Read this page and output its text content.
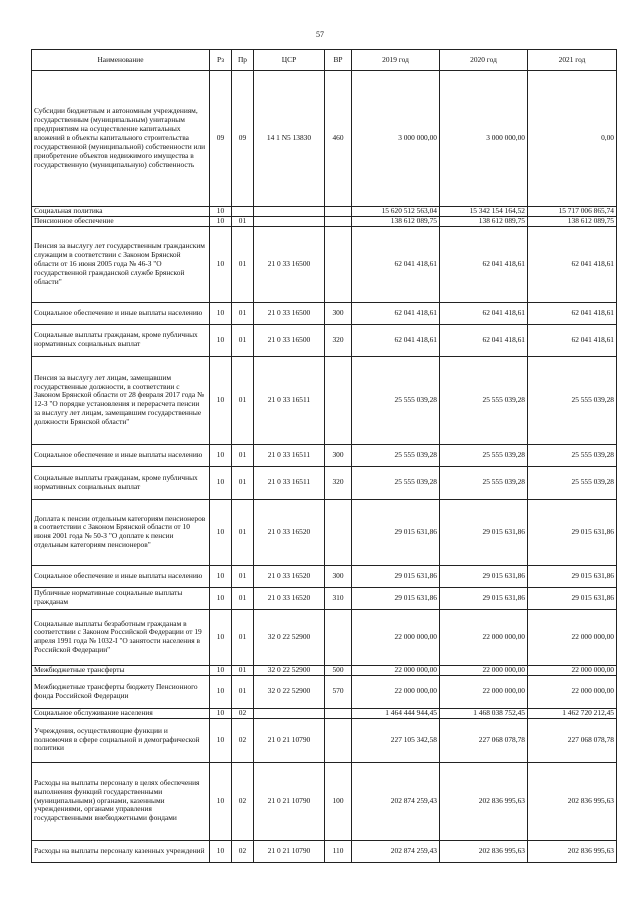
57
Наименование	Рз	Пр	ЦСР	ВР	2019 год	2020 год	2021 год
Субсидии бюджетным и автономным учреждениям, государственным (муниципальным) унитарным предприятиям на осуществление капитальных вложений в объекты капитального строительства государственной (муниципальной) собственности или приобретение объектов недвижимого имущества в государственную (муниципальную) собственность	09	09	14 1 N5 13830	460	3 000 000,00	3 000 000,00	0,00
Социальная политика	10				15 620 512 563,04	15 342 154 164,52	15 717 006 865,74
Пенсионное обеспечение	10	01			138 612 089,75	138 612 089,75	138 612 089,75
Пенсия за выслугу лет государственным гражданским служащим в соответствии с Законом Брянской области от 16 июня 2005 года № 46-З "О государственной гражданской службе Брянской области"	10	01	21 0 33 16500		62 041 418,61	62 041 418,61	62 041 418,61
Социальное обеспечение и иные выплаты населению	10	01	21 0 33 16500	300	62 041 418,61	62 041 418,61	62 041 418,61
Социальные выплаты гражданам, кроме публичных нормативных социальных выплат	10	01	21 0 33 16500	320	62 041 418,61	62 041 418,61	62 041 418,61
Пенсия за выслугу лет лицам, замещавшим государственные должности, в соответствии с Законом Брянской области от 28 февраля 2017 года № 12-З "О порядке установления и перерасчета пенсии за выслугу лет лицам, замещавшим государственные должности Брянской области"	10	01	21 0 33 16511		25 555 039,28	25 555 039,28	25 555 039,28
Социальное обеспечение и иные выплаты населению	10	01	21 0 33 16511	300	25 555 039,28	25 555 039,28	25 555 039,28
Социальные выплаты гражданам, кроме публичных нормативных социальных выплат	10	01	21 0 33 16511	320	25 555 039,28	25 555 039,28	25 555 039,28
Доплата к пенсии отдельным категориям пенсионеров в соответствии с Законом Брянской области от 10 июня 2001 года № 50-З "О доплате к пенсии отдельным категориям пенсионеров"	10	01	21 0 33 16520		29 015 631,86	29 015 631,86	29 015 631,86
Социальное обеспечение и иные выплаты населению	10	01	21 0 33 16520	300	29 015 631,86	29 015 631,86	29 015 631,86
Публичные нормативные социальные выплаты гражданам	10	01	21 0 33 16520	310	29 015 631,86	29 015 631,86	29 015 631,86
Социальные выплаты безработным гражданам в соответствии с Законом Российской Федерации от 19 апреля 1991 года № 1032-I "О занятости населения в Российской Федерации"	10	01	32 0 22 52900		22 000 000,00	22 000 000,00	22 000 000,00
Межбюджетные трансферты	10	01	32 0 22 52900	500	22 000 000,00	22 000 000,00	22 000 000,00
Межбюджетные трансферты бюджету Пенсионного фонда Российской Федерации	10	01	32 0 22 52900	570	22 000 000,00	22 000 000,00	22 000 000,00
Социальное обслуживание населения	10	02			1 464 444 944,45	1 468 038 752,45	1 462 720 212,45
Учреждения, осуществляющие функции и полномочия в сфере социальной и демографической политики	10	02	21 0 21 10790		227 105 342,58	227 068 078,78	227 068 078,78
Расходы на выплаты персоналу в целях обеспечения выполнения функций государственными (муниципальными) органами, казенными учреждениями, органами управления государственными внебюджетными фондами	10	02	21 0 21 10790	100	202 874 259,43	202 836 995,63	202 836 995,63
Расходы на выплаты персоналу казенных учреждений	10	02	21 0 21 10790	110	202 874 259,43	202 836 995,63	202 836 995,63
